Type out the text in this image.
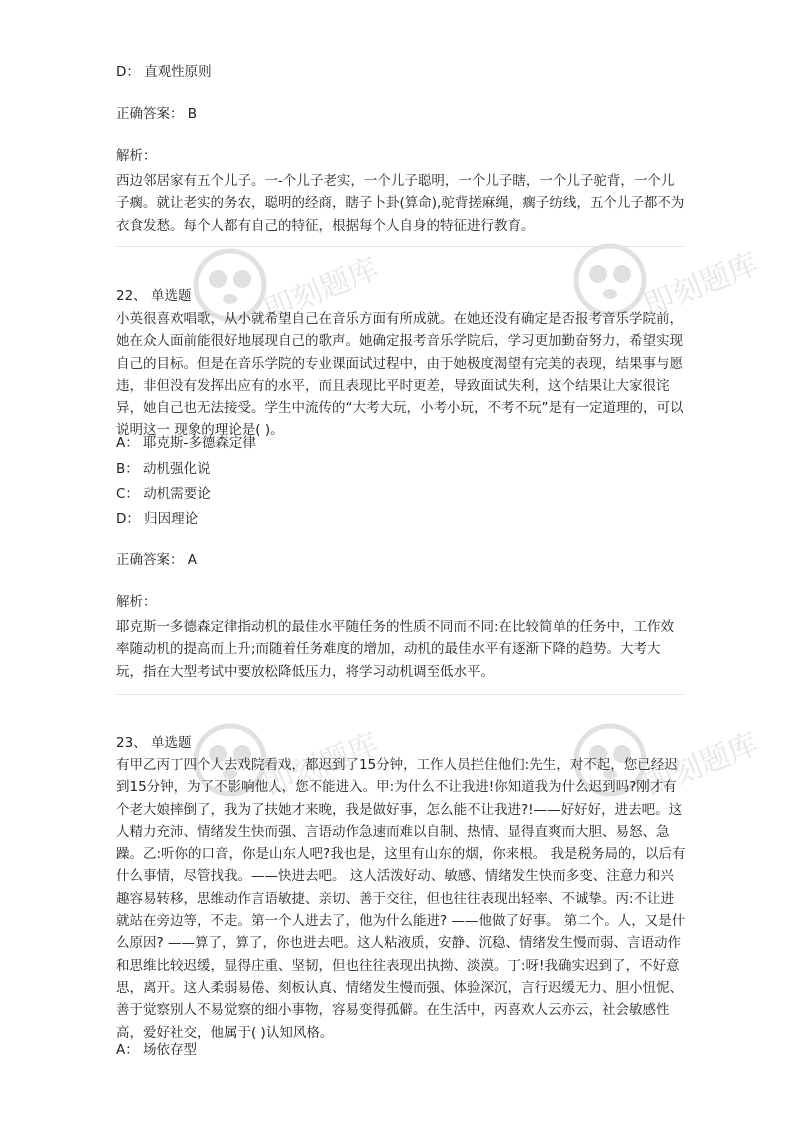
即刻题库	即刻题库
即刻题库	即刻题库
D： 直观性原则
正确答案： B
解析：

西边邻居家有五个儿子。一-个儿子老实，一个儿子聪明，一个儿子瞎，一个儿子驼背，一个儿子瘸。就让老实的务农，聪明的经商，瞎子卜卦(算命),驼背搓麻绳，瘸子纺线，五个儿子都不为衣食发愁。每个人都有自己的特征，根据每个人自身的特征进行教育。

22、 单选题

小英很喜欢唱歌，从小就希望自己在音乐方面有所成就。在她还没有确定是否报考音乐学院前，她在众人面前能很好地展现自己的歌声。她确定报考音乐学院后，学习更加勤奋努力，希望实现自己的目标。但是在音乐学院的专业课面试过程中，由于她极度渴望有完美的表现，结果事与愿违，非但没有发挥出应有的水平，而且表现比平时更差，导致面试失利，这个结果让大家很诧异，她自己也无法接受。学生中流传的“大考大玩，小考小玩，不考不玩”是有一定道理的，可以说明这一 现象的理论是( )。

A： 耶克斯-多德森定律
B： 动机强化说
C： 动机需要论
D： 归因理论
正确答案： A
解析：

耶克斯一多德森定律指动机的最佳水平随任务的性质不同而不同:在比较简单的任务中，工作效率随动机的提高而上升;而随着任务难度的增加，动机的最佳水平有逐渐下降的趋势。大考大玩，指在大型考试中要放松降低压力，将学习动机调至低水平。

23、 单选题

有甲乙丙丁四个人去戏院看戏，都迟到了15分钟，工作人员拦住他们:先生，对不起，您已经迟到15分钟，为了不影响他人，您不能进入。甲:为什么不让我进!你知道我为什么迟到吗?刚才有个老大娘摔倒了，我为了扶她才来晚，我是做好事，怎么能不让我进?!——好好好，进去吧。这人精力充沛、情绪发生快而强、言语动作急速而难以自制、热情、显得直爽而大胆、易怒、急躁。乙:听你的口音，你是山东人吧?我也是，这里有山东的烟，你来根。 我是税务局的，以后有什么事情，尽管找我。——快进去吧。 这人活泼好动、敏感、情绪发生快而多变、注意力和兴趣容易转移，思维动作言语敏捷、亲切、善于交往，但也往往表现出轻率、不诚挚。丙:不让进就站在旁边等，不走。第一个人进去了，他为什么能进? ——他做了好事。 第二个。人，又是什么原因? ——算了，算了，你也进去吧。这人粘液质，安静、沉稳、情绪发生慢而弱、言语动作和思维比较迟缓，显得庄重、坚韧，但也往往表现出执拗、淡漠。丁:呀!我确实迟到了，不好意思，离开。这人柔弱易倦、刻板认真、情绪发生慢而强、体验深沉，言行迟缓无力、胆小忸怩、善于觉察别人不易觉察的细小事物，容易变得孤僻。在生活中，丙喜欢人云亦云，社会敏感性高，爱好社交，他属于( )认知风格。

A： 场依存型
